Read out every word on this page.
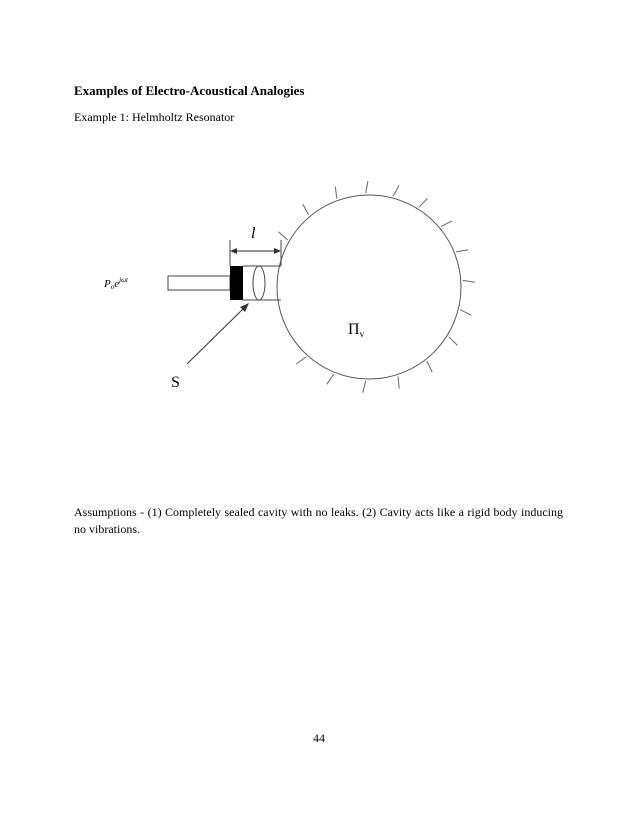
Examples of Electro-Acoustical Analogies
Example 1: Helmholtz Resonator
l
Poe$^{j\omega t}$
S
Πv
Assumptions - (1) Completely sealed cavity with no leaks. (2) Cavity acts like a rigid body inducing no vibrations.
44
